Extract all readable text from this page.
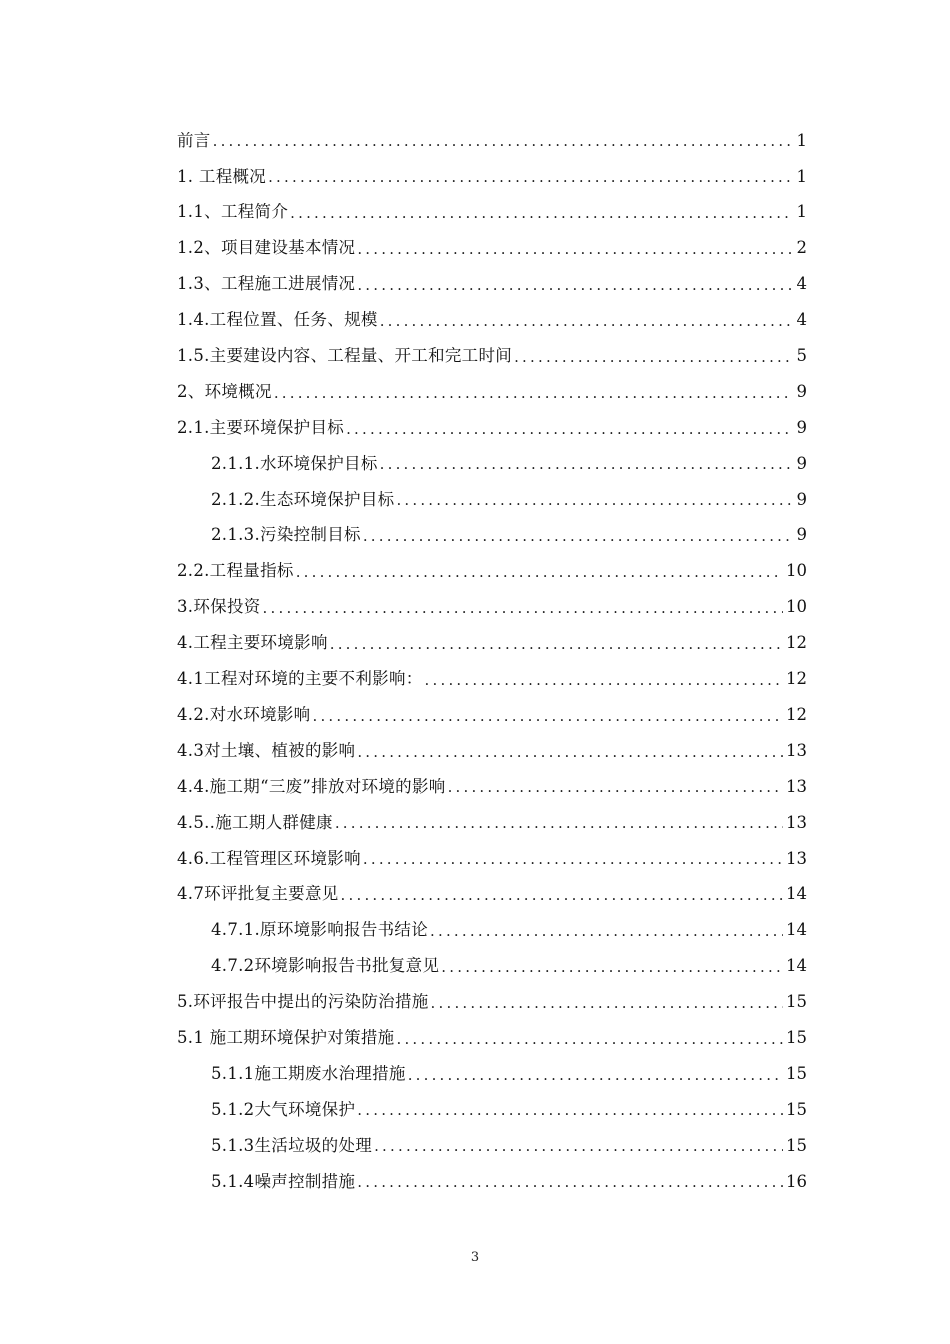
前言 .....	1
1. 工程概况 .....	1
1.1、工程简介 .....	1
1.2、项目建设基本情况 .....	2
1.3、工程施工进展情况 .....	4
1.4.工程位置、任务、规模 .....	4
1.5.主要建设内容、工程量、开工和完工时间 .....	5
2、环境概况 .....	9
2.1.主要环境保护目标 .....	9
2.1.1.水环境保护目标 .....	9
2.1.2.生态环境保护目标 .....	9
2.1.3.污染控制目标 .....	9
2.2.工程量指标 .....	10
3.环保投资 .....	10
4.工程主要环境影响 .....	12
4.1工程对环境的主要不利影响： .....	12
4.2.对水环境影响 .....	12
4.3对土壤、植被的影响 .....	13
4.4.施工期“三废”排放对环境的影响 .....	13
4.5..施工期人群健康 .....	13
4.6.工程管理区环境影响 .....	13
4.7环评批复主要意见 .....	14
4.7.1.原环境影响报告书结论 .....	14
4.7.2环境影响报告书批复意见 .....	14
5.环评报告中提出的污染防治措施 .....	15
5.1 施工期环境保护对策措施 .....	15
5.1.1施工期废水治理措施 .....	15
5.1.2大气环境保护 .....	15
5.1.3生活垃圾的处理 .....	15
5.1.4噪声控制措施 .....	16
3
